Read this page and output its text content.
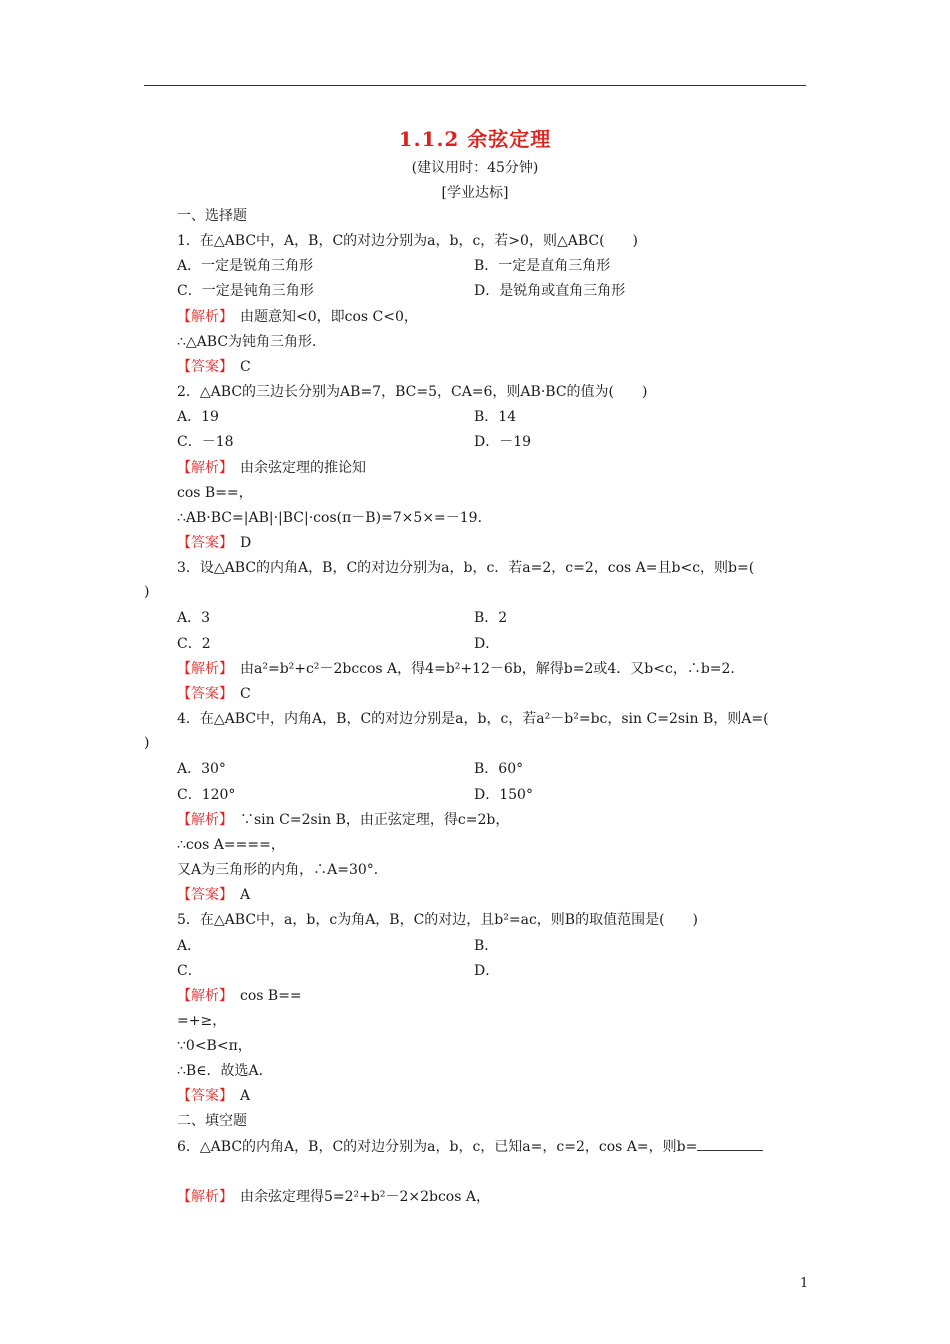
1.1.2 余弦定理
(建议用时：45分钟)
[学业达标]
一、选择题
1．在△ABC中，A，B，C的对边分别为a，b，c，若>0，则△ABC(　　)
A．一定是锐角三角形	B．一定是直角三角形
C．一定是钝角三角形	D．是锐角或直角三角形
【解析】　 由题意知<0，即cos C<0，
∴△ABC为钝角三角形．
【答案】　 C
2．△ABC的三边长分别为AB=7，BC=5，CA=6，则AB·BC的值为(　　)
A．19	B．14
C．－18	D．－19
【解析】　 由余弦定理的推论知
cos B==，
∴AB·BC=|AB|·|BC|·cos(π－B)=7×5×=－19．
【答案】　 D
3．设△ABC的内角A，B，C的对边分别为a，b，c．若a=2，c=2，cos A=且b<c，则b=(
)
A．3	B．2
C．2	D．
【解析】　 由a²=b²+c²－2bccos A，得4=b²+12－6b，解得b=2或4．又b<c，∴b=2．
【答案】　 C
4．在△ABC中，内角A，B，C的对边分别是a，b，c，若a²－b²=bc，sin C=2sin B，则A=(
)
A．30°	B．60°
C．120°	D．150°
【解析】　 ∵sin C=2sin B，由正弦定理，得c=2b，
∴cos A====，
又A为三角形的内角，∴A=30°．
【答案】　 A
5．在△ABC中，a，b，c为角A，B，C的对边，且b²=ac，则B的取值范围是(　　)
A．	B．
C．	D．
【解析】　 cos B==
=+≥，
∵0<B<π，
∴B∈．故选A．
【答案】　 A
二、填空题
6．△ABC的内角A，B，C的对边分别为a，b，c，已知a=，c=2，cos A=，则b=
【解析】　 由余弦定理得5=2²+b²－2×2bcos A，
1
